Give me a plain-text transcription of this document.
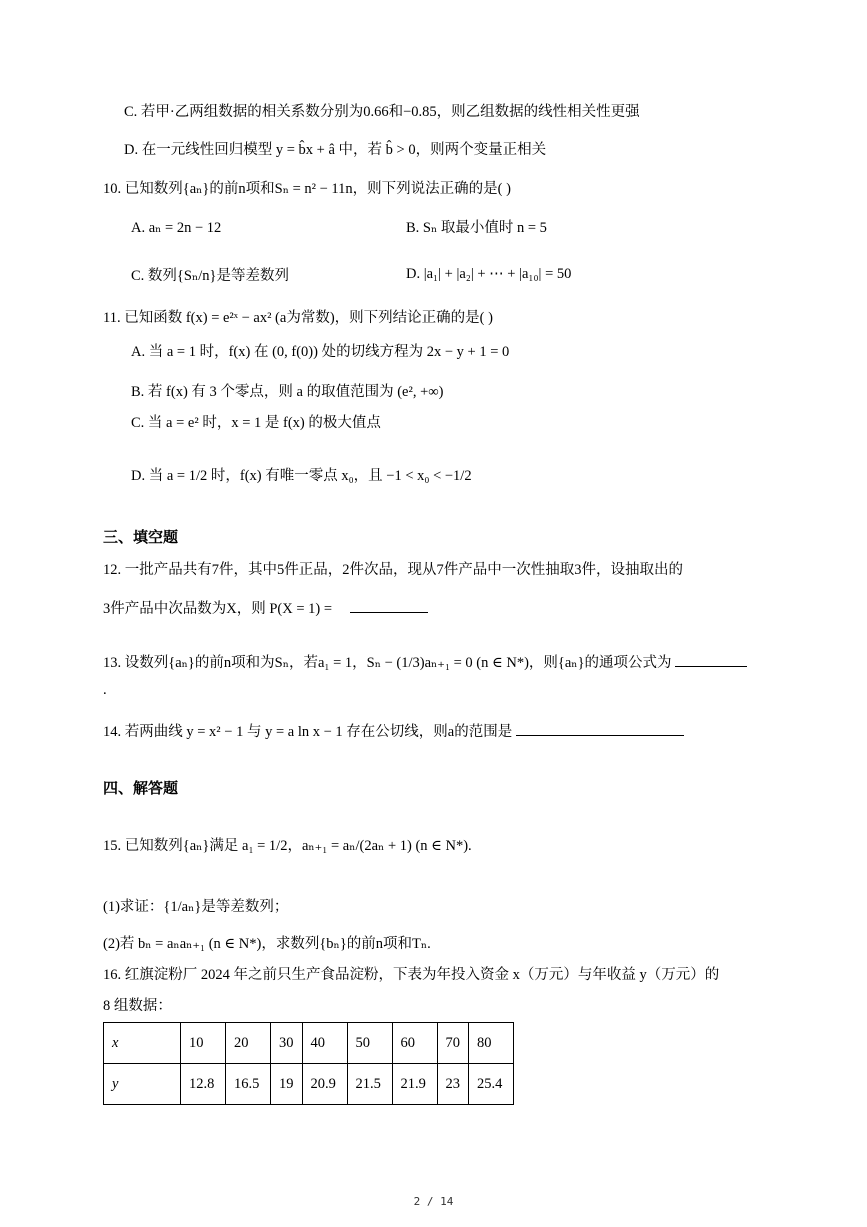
C. 若甲·乙两组数据的相关系数分别为0.66和−0.85，则乙组数据的线性相关性更强
D. 在一元线性回归模型 y = b̂x + â 中，若 b̂ > 0，则两个变量正相关
10. 已知数列{aₙ}的前n项和Sₙ = n² − 11n，则下列说法正确的是( )
A. aₙ = 2n − 12	B. Sₙ 取最小值时 n = 5
C. 数列{Sₙ/n}是等差数列	D. |a₁| + |a₂| + ⋯ + |a₁₀| = 50
11. 已知函数 f(x) = e²ˣ − ax² (a为常数)，则下列结论正确的是( )
A. 当 a = 1 时，f(x) 在 (0, f(0)) 处的切线方程为 2x − y + 1 = 0
B. 若 f(x) 有 3 个零点，则 a 的取值范围为 (e², +∞)
C. 当 a = e² 时，x = 1 是 f(x) 的极大值点
D. 当 a = 1/2 时，f(x) 有唯一零点 x₀，且 −1 < x₀ < −1/2
三、填空题
12. 一批产品共有7件，其中5件正品，2件次品，现从7件产品中一次性抽取3件，设抽取出的
3件产品中次品数为X，则 P(X = 1) =
13. 设数列{aₙ}的前n项和为Sₙ，若a₁ = 1，Sₙ − (1/3)aₙ₊₁ = 0 (n ∈ N*)，则{aₙ}的通项公式为
.
14. 若两曲线 y = x² − 1 与 y = a ln x − 1 存在公切线，则a的范围是
四、解答题
15. 已知数列{aₙ}满足 a₁ = 1/2，aₙ₊₁ = aₙ/(2aₙ + 1) (n ∈ N*).
(1)求证：{1/aₙ}是等差数列；
(2)若 bₙ = aₙaₙ₊₁ (n ∈ N*)，求数列{bₙ}的前n项和Tₙ.
16. 红旗淀粉厂 2024 年之前只生产食品淀粉，下表为年投入资金 x（万元）与年收益 y（万元）的
8 组数据：
x	10	20	30	40	50	60	70	80
y	12.8	16.5	19	20.9	21.5	21.9	23	25.4
2 / 14
